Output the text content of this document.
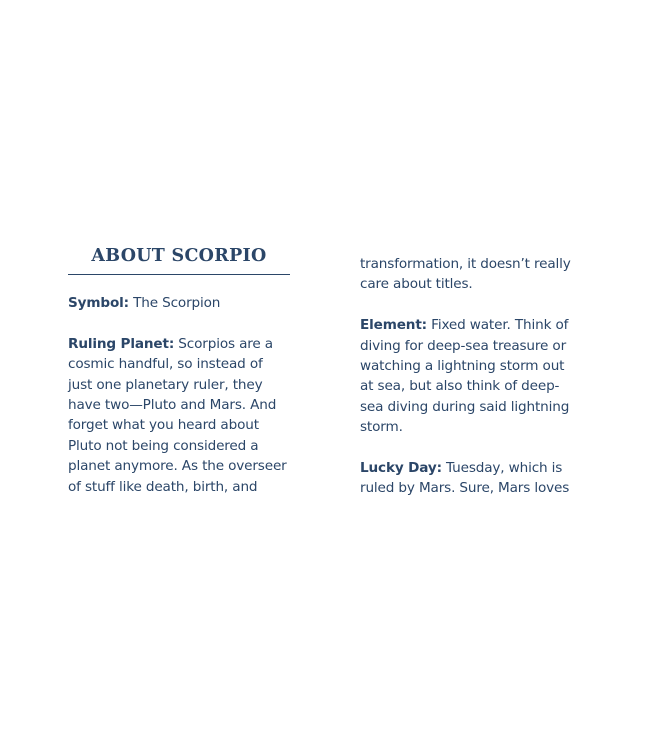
ABOUT SCORPIO

Symbol: The Scorpion

Ruling Planet: Scorpios are a
cosmic handful, so instead of
just one planetary ruler, they
have two—Pluto and Mars. And
forget what you heard about
Pluto not being considered a
planet anymore. As the overseer
of stuff like death, birth, and

transformation, it doesn’t really
care about titles.

Element: Fixed water. Think of
diving for deep-sea treasure or
watching a lightning storm out
at sea, but also think of deep-
sea diving during said lightning
storm.

Lucky Day: Tuesday, which is
ruled by Mars. Sure, Mars loves
